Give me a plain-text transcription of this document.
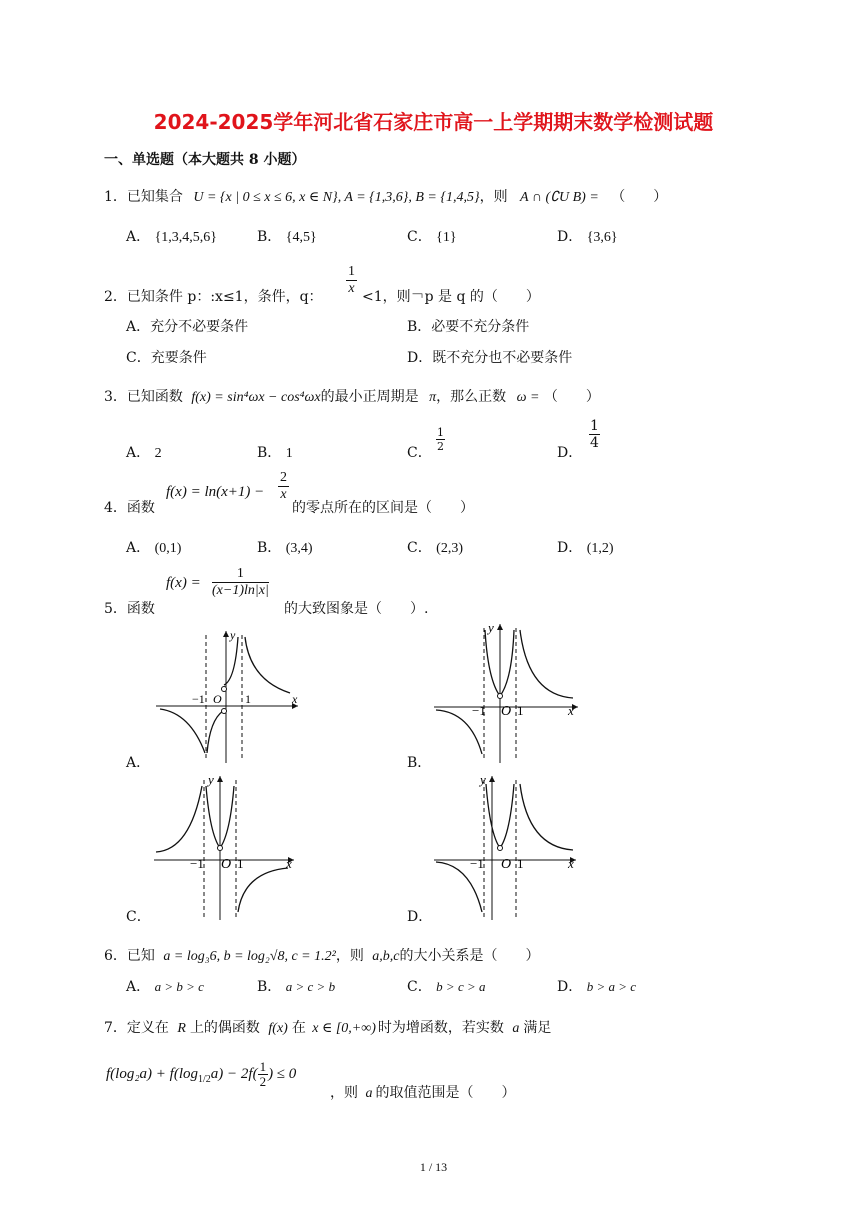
2024-2025学年河北省石家庄市高一上学期期末数学检测试题
一、单选题（本大题共 8 小题）
1．已知集合 U = {x | 0 ≤ x ≤ 6, x ∈ N}, A = {1,3,6}, B = {1,4,5}，则 A ∩ (∁U B) = （　　）
A． {1,3,4,5,6}	B． {4,5}	C． {1}	D． {3,6}
2．已知条件 p：:x≤1，条件，q：
1
x
<1，则￢p 是 q 的（　　）
A．充分不必要条件	B．必要不充分条件
C．充要条件	D．既不充分也不必要条件
3．已知函数 f(x) = sin⁴ωx − cos⁴ωx的最小正周期是 π，那么正数 ω = （　　）
A． 2	B． 1	C．
1
2	D．
1
4
4．函数
f(x) = ln(x+1) −
2
x
的零点所在的区间是（　　）
A． (0,1)	B． (3,4)	C． (2,3)	D． (1,2)
5．函数
f(x) =
1
(x−1)ln|x|
的大致图象是（　　）.
y
x
O
−1	1
A．
y
x
O
−1 1
B．
y
x
O
−1	1
C．
y
x
O
−1	1
D．
6．已知 a = log₃6, b = log₂√8, c = 1.2²，则 a,b,c的大小关系是（　　）
A． a > b > c	B． a > c > b	C． b > c > a	D． b > a > c
7．定义在 R 上的偶函数 f(x) 在 x ∈ [0,+∞) 时为增函数，若实数 a 满足
$f(\log_2a) + f(\log_{1/2}a) - 2f( \frac{1}{2}$ ) ≤ 0
，则 a 的取值范围是（　　）
1 / 13
